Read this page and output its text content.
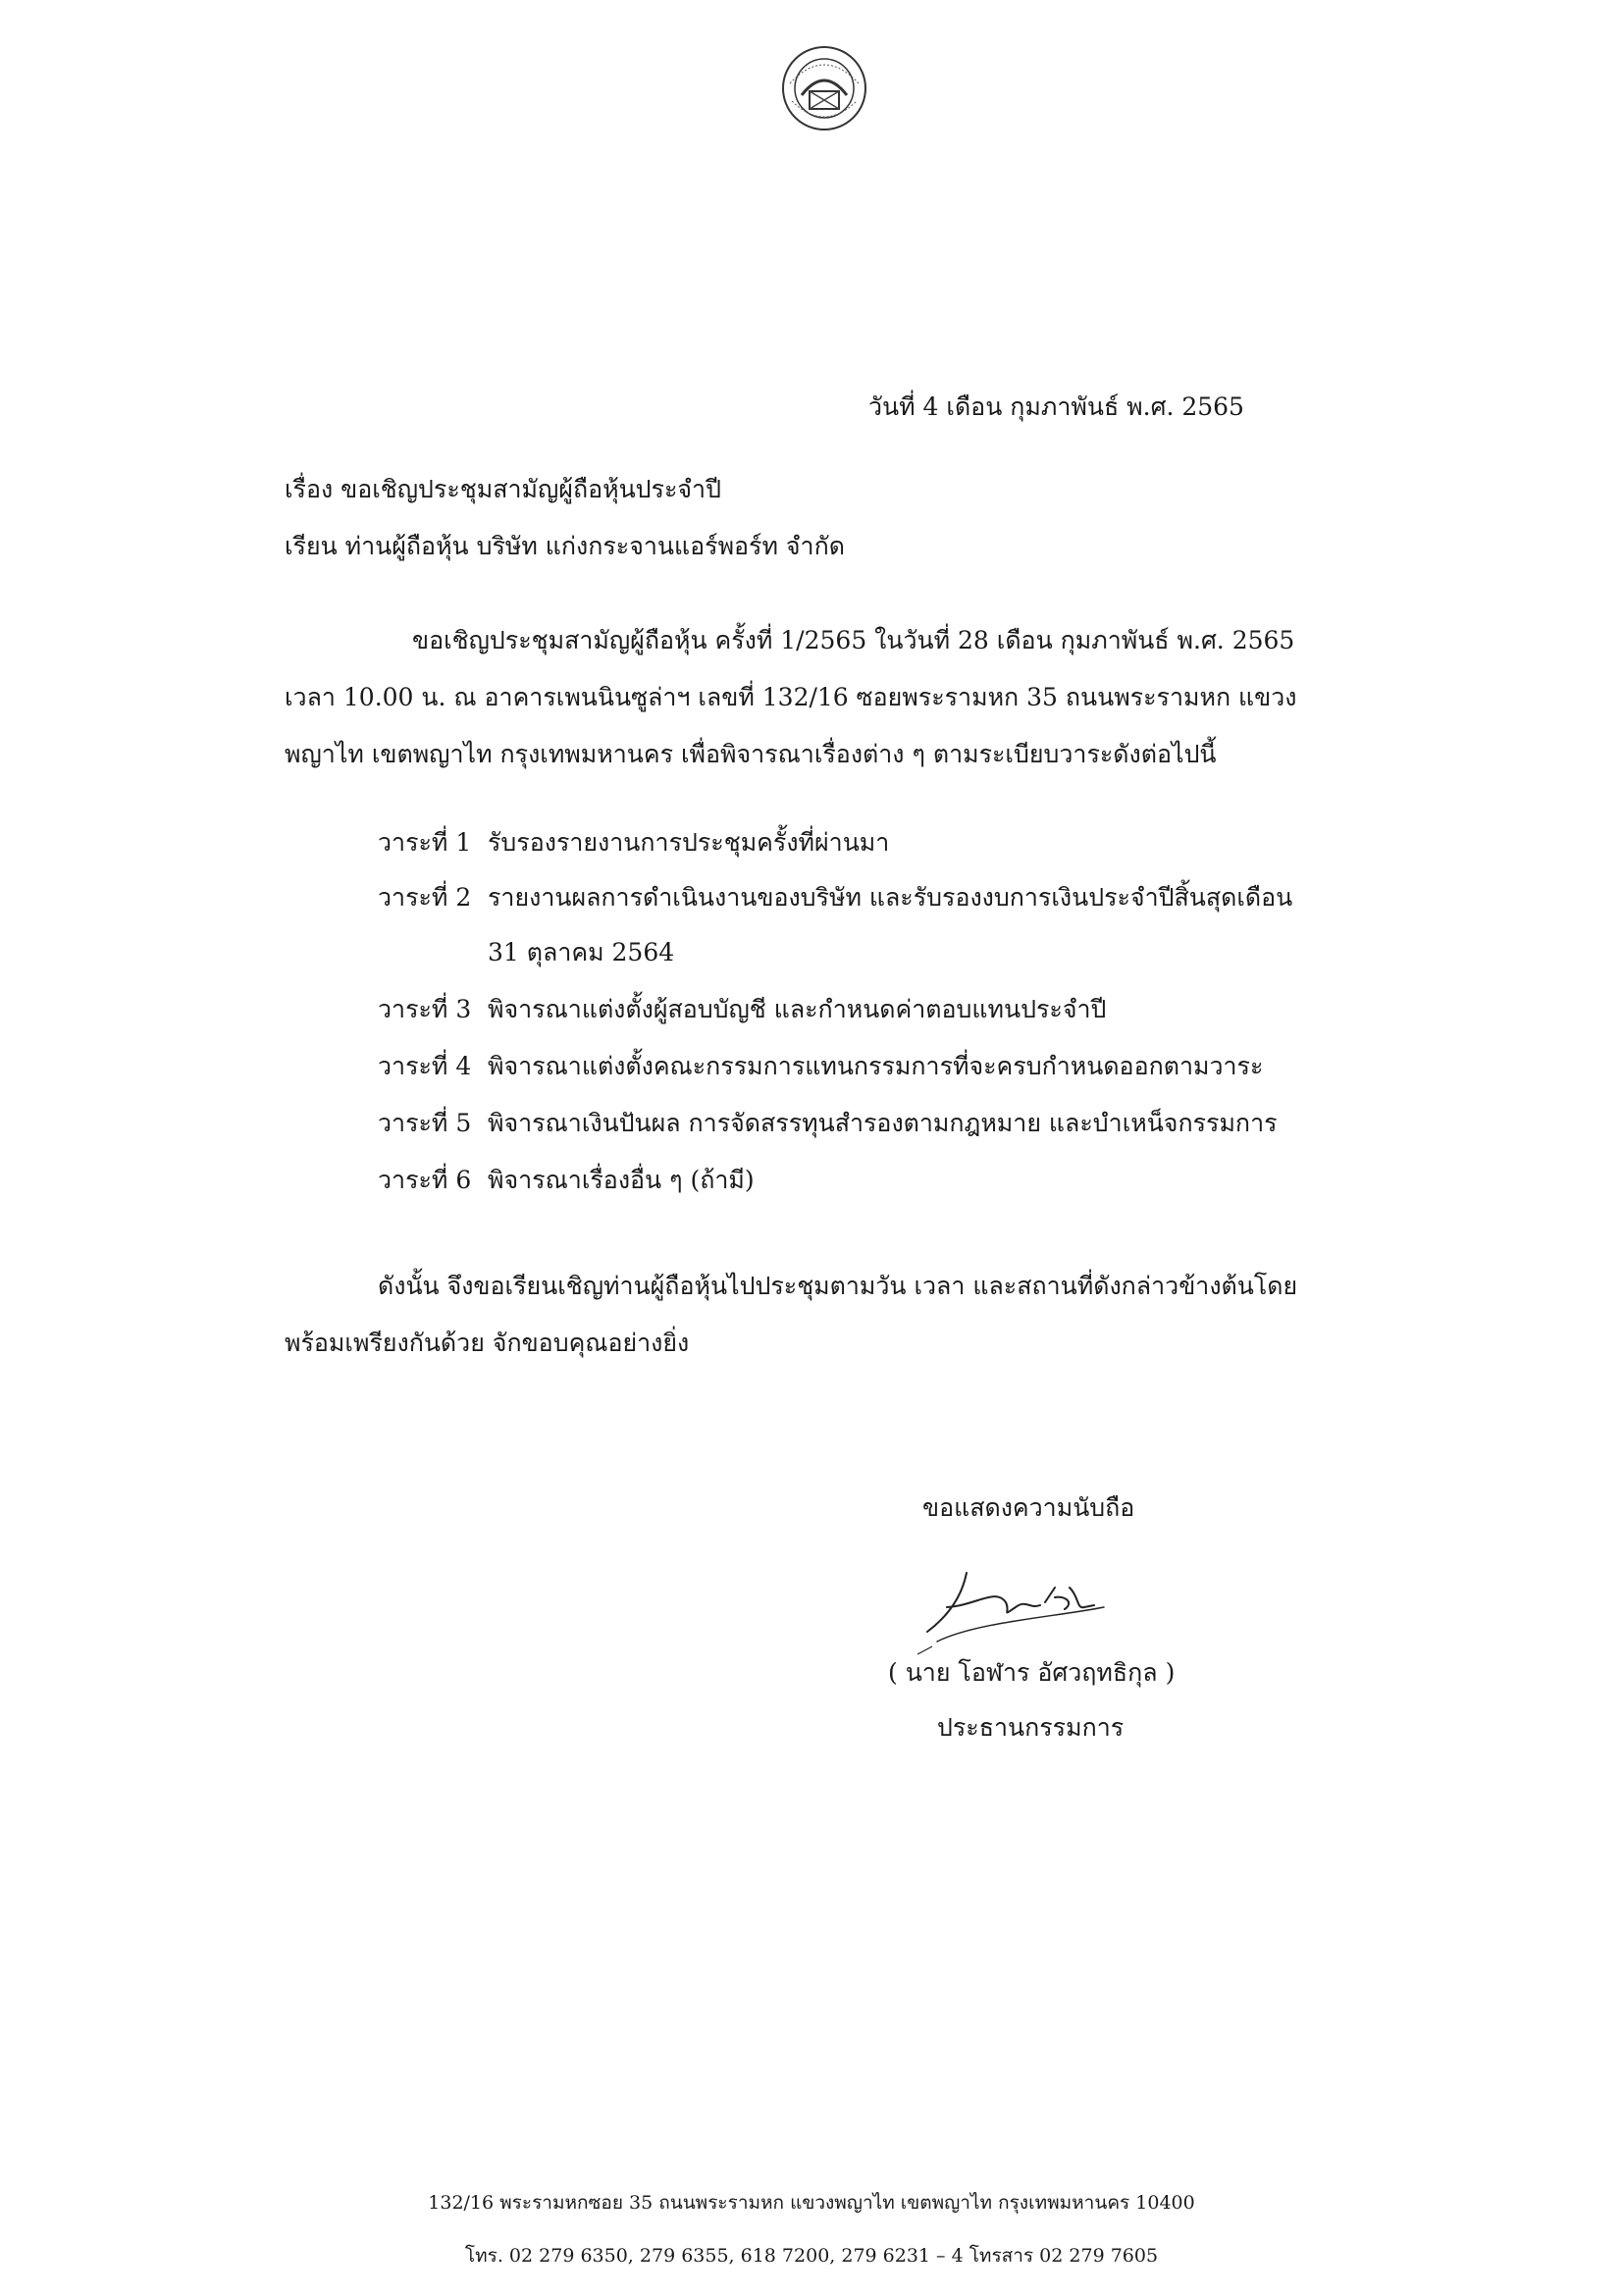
วันที่ 4 เดือน กุมภาพันธ์ พ.ศ. 2565
เรื่อง ขอเชิญประชุมสามัญผู้ถือหุ้นประจำปี
เรียน ท่านผู้ถือหุ้น บริษัท แก่งกระจานแอร์พอร์ท จำกัด
ขอเชิญประชุมสามัญผู้ถือหุ้น ครั้งที่ 1/2565 ในวันที่ 28 เดือน กุมภาพันธ์ พ.ศ. 2565
เวลา 10.00 น. ณ อาคารเพนนินซูล่าฯ เลขที่ 132/16 ซอยพระรามหก 35 ถนนพระรามหก แขวง
พญาไท เขตพญาไท กรุงเทพมหานคร เพื่อพิจารณาเรื่องต่าง ๆ ตามระเบียบวาระดังต่อไปนี้
วาระที่ 1 รับรองรายงานการประชุมครั้งที่ผ่านมา
วาระที่ 2 รายงานผลการดำเนินงานของบริษัท และรับรองงบการเงินประจำปีสิ้นสุดเดือน
31 ตุลาคม 2564
วาระที่ 3 พิจารณาแต่งตั้งผู้สอบบัญชี และกำหนดค่าตอบแทนประจำปี
วาระที่ 4 พิจารณาแต่งตั้งคณะกรรมการแทนกรรมการที่จะครบกำหนดออกตามวาระ
วาระที่ 5 พิจารณาเงินปันผล การจัดสรรทุนสำรองตามกฎหมาย และบำเหน็จกรรมการ
วาระที่ 6 พิจารณาเรื่องอื่น ๆ (ถ้ามี)
ดังนั้น จึงขอเรียนเชิญท่านผู้ถือหุ้นไปประชุมตามวัน เวลา และสถานที่ดังกล่าวข้างต้นโดย
พร้อมเพรียงกันด้วย จักขอบคุณอย่างยิ่ง
ขอแสดงความนับถือ
( นาย โอฬาร อัศวฤทธิกุล )
ประธานกรรมการ
132/16 พระรามหกซอย 35 ถนนพระรามหก แขวงพญาไท เขตพญาไท กรุงเทพมหานคร 10400
โทร. 02 279 6350, 279 6355, 618 7200, 279 6231 – 4 โทรสาร 02 279 7605
